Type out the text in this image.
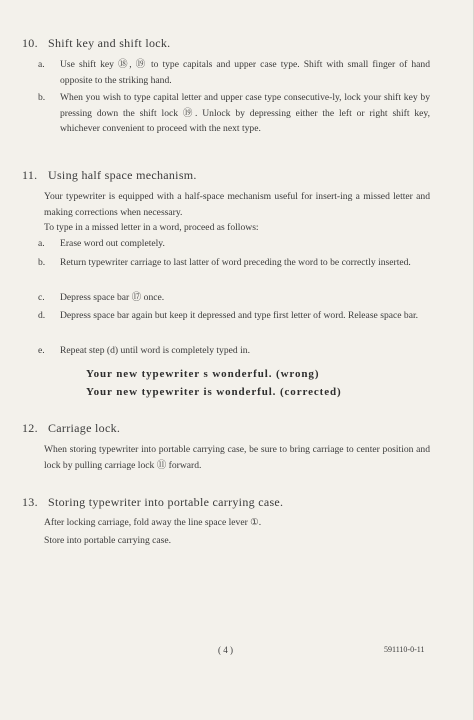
10. Shift key and shift lock.
a.	Use shift key ⑱, ⑲ to type capitals and upper case type. Shift with small finger of hand opposite to the striking hand.
b.	When you wish to type capital letter and upper case type consecutive-ly, lock your shift key by pressing down the shift lock ⑲. Unlock by depressing either the left or right shift key, whichever convenient to proceed with the next type.
11. Using half space mechanism.
Your typewriter is equipped with a half-space mechanism useful for insert-ing a missed letter and making corrections when necessary.
To type in a missed letter in a word, proceed as follows:
a.	Erase word out completely.
b.	Return typewriter carriage to last latter of word preceding the word to be correctly inserted.
c.	Depress space bar ⑰ once.
d.	Depress space bar again but keep it depressed and type first letter of word. Release space bar.
e.	Repeat step (d) until word is completely typed in.
Your new typewriter s wonderful. (wrong)
Your new typewriter is wonderful. (corrected)
12. Carriage lock.
When storing typewriter into portable carrying case, be sure to bring carriage to center position and lock by pulling carriage lock ⑪ forward.
13. Storing typewriter into portable carrying case.
After locking carriage, fold away the line space lever ①.
Store into portable carrying case.
( 4 )	591110-0-11
